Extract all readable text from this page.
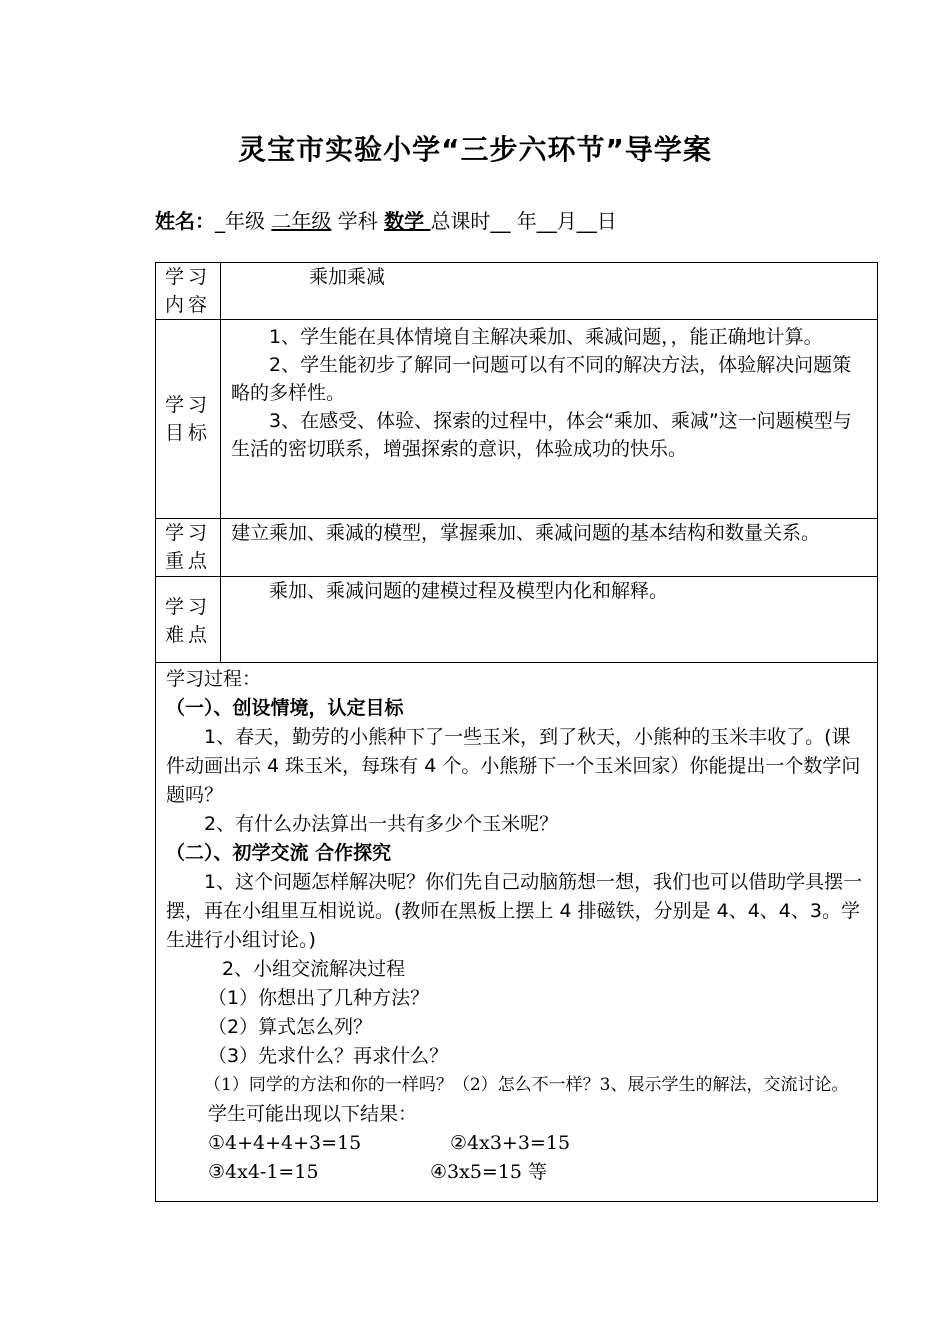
灵宝市实验小学“三步六环节”导学案
姓名：_年级 二年级 学科 数学 总课时__ 年__月__日
学习内容	乘加乘减
学习目标	1、学生能在具体情境自主解决乘加、乘减问题，，能正确地计算。

2、学生能初步了解同一问题可以有不同的解决方法，体验解决问题策略的多样性。

3、在感受、体验、探索的过程中，体会“乘加、乘减”这一问题模型与生活的密切联系，增强探索的意识，体验成功的快乐。

学习重点	建立乘加、乘减的模型，掌握乘加、乘减问题的基本结构和数量关系。
学习难点	乘加、乘减问题的建模过程及模型内化和解释。

学习过程：

（一）、创设情境，认定目标

1、春天，勤劳的小熊种下了一些玉米，到了秋天，小熊种的玉米丰收了。(课件动画出示 4 珠玉米，每珠有 4 个。小熊掰下一个玉米回家）你能提出一个数学问题吗？

2、有什么办法算出一共有多少个玉米呢？

（二）、初学交流 合作探究

1、这个问题怎样解决呢？你们先自己动脑筋想一想，我们也可以借助学具摆一摆，再在小组里互相说说。(教师在黑板上摆上 4 排磁铁，分别是 4、4、4、3。学生进行小组讨论。)

2、小组交流解决过程

（1）你想出了几种方法？

（2）算式怎么列？

（3）先求什么？再求什么？

（1）同学的方法和你的一样吗？（2）怎么不一样？3、展示学生的解法，交流讨论。

学生可能出现以下结果：

①4+4+4+3=15	②4x3+3=15

③4x4-1=15	④3x5=15 等
